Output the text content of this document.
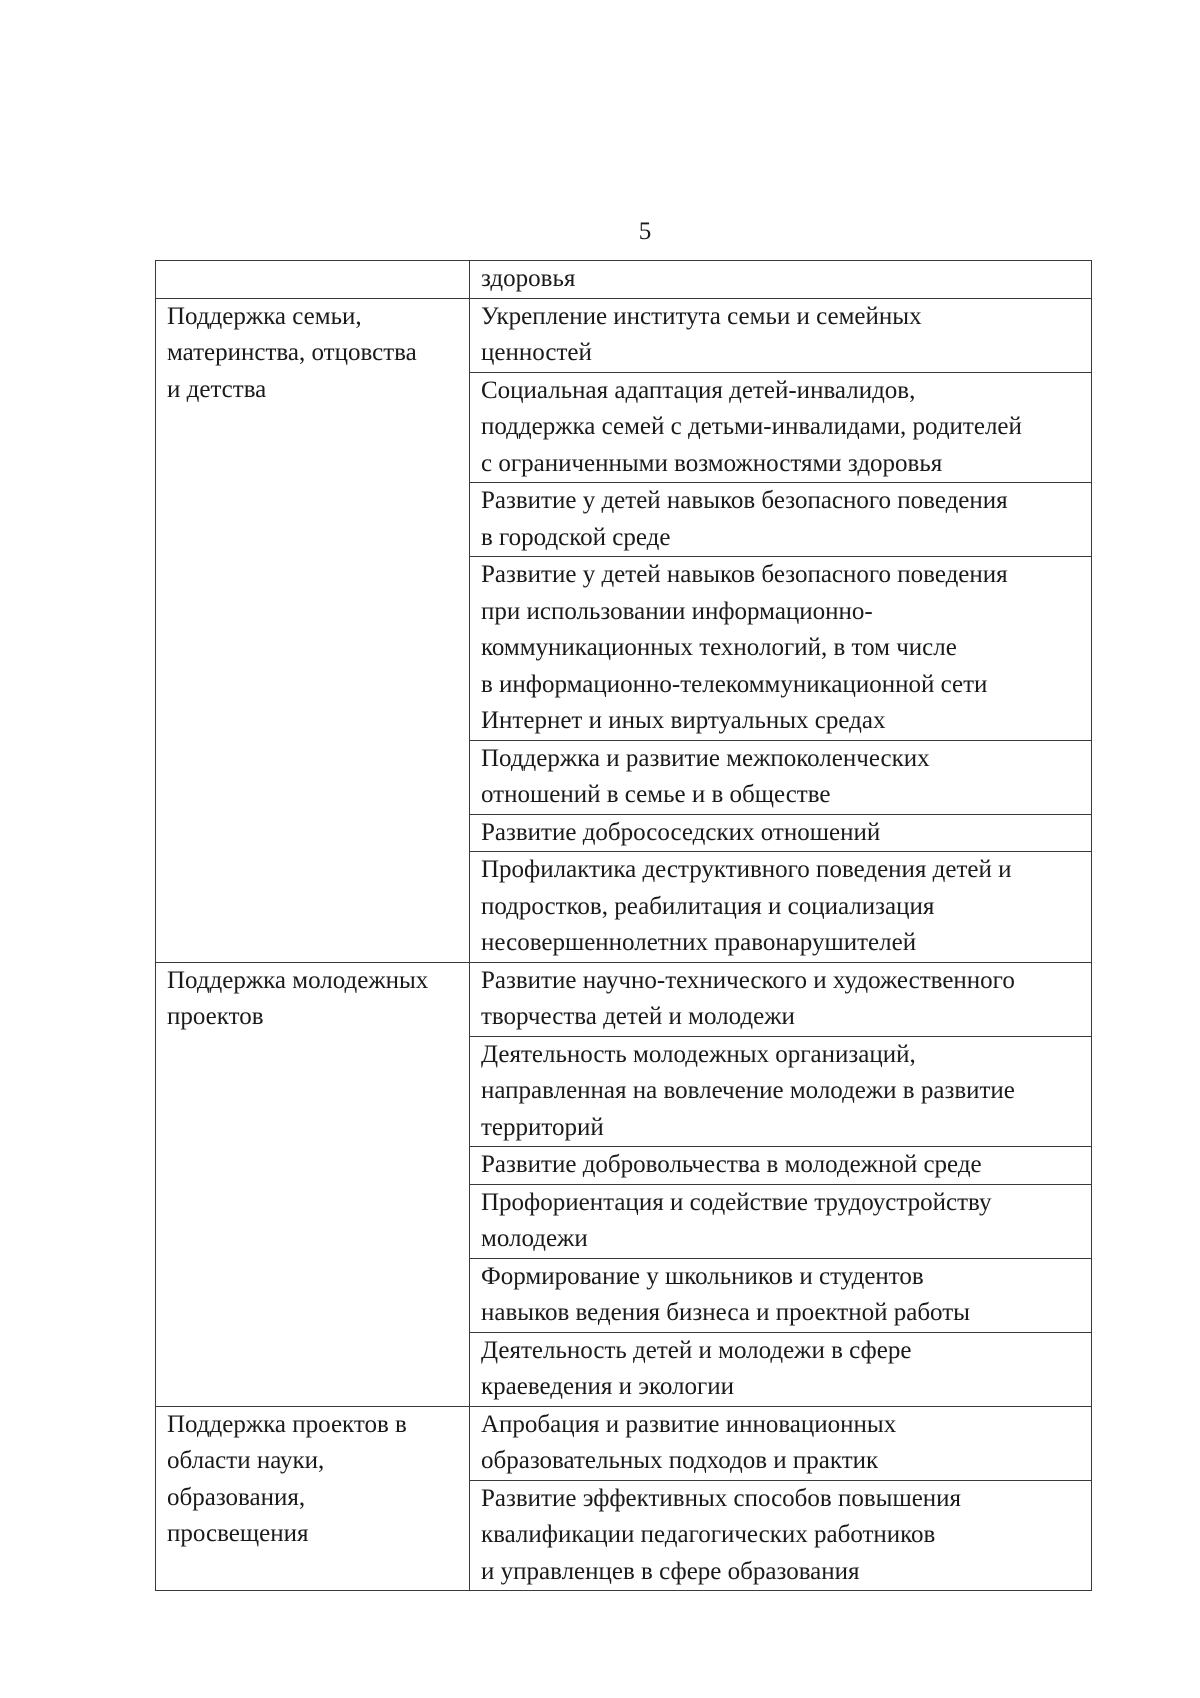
5

	здоровья

Поддержка семьи,
материнства, отцовства
и детства	Укрепление института семьи и семейных
ценностей

	Социальная адаптация детей-инвалидов,
поддержка семей с детьми-инвалидами, родителей
с ограниченными возможностями здоровья

	Развитие у детей навыков безопасного поведения
в городской среде

	Развитие у детей навыков безопасного поведения
при использовании информационно-
коммуникационных технологий, в том числе
в информационно-телекоммуникационной сети
Интернет и иных виртуальных средах

	Поддержка и развитие межпоколенческих
отношений в семье и в обществе

	Развитие добрососедских отношений

	Профилактика деструктивного поведения детей и
подростков, реабилитация и социализация
несовершеннолетних правонарушителей

Поддержка молодежных
проектов	Развитие научно-технического и художественного
творчества детей и молодежи

	Деятельность молодежных организаций,
направленная на вовлечение молодежи в развитие
территорий

	Развитие добровольчества в молодежной среде

	Профориентация и содействие трудоустройству
молодежи

	Формирование у школьников и студентов
навыков ведения бизнеса и проектной работы

	Деятельность детей и молодежи в сфере
краеведения и экологии

Поддержка проектов в
области науки,
образования,
просвещения	Апробация и развитие инновационных
образовательных подходов и практик

	Развитие эффективных способов повышения
квалификации педагогических работников
и управленцев в сфере образования
